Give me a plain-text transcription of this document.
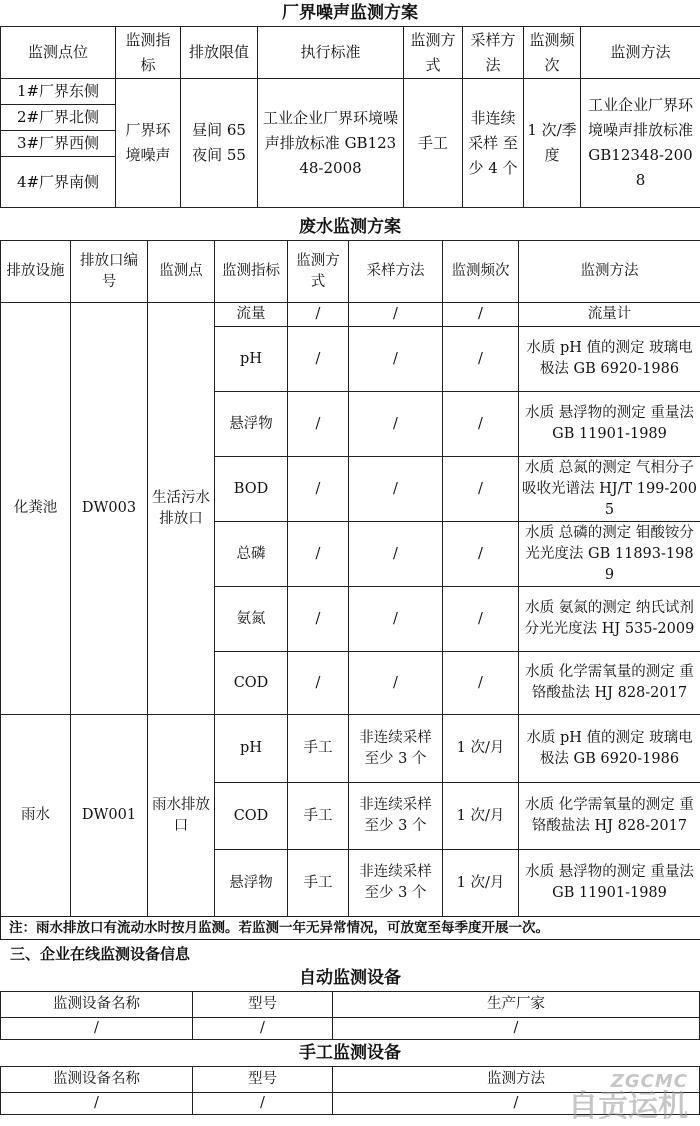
厂界噪声监测方案
监测点位	监测指标	排放限值	执行标准	监测方式	采样方法	监测频次	监测方法
1#厂界东侧	厂界环境噪声	昼间 65 夜间 55	工业企业厂界环境噪声排放标准 GB12348-2008	手工	非连续采样 至少 4 个	1 次/季度	工业企业厂界环境噪声排放标准GB12348-2008
2#厂界北侧							
3#厂界西侧							
4#厂界南侧							
废水监测方案
排放设施	排放口编号	监测点	监测指标	监测方式	采样方法	监测频次	监测方法
化粪池	DW003	生活污水排放口	流量	/	/	/	流量计
			pH	/	/	/	水质 pH 值的测定 玻璃电极法 GB 6920-1986
			悬浮物	/	/	/	水质 悬浮物的测定 重量法 GB 11901-1989
			BOD	/	/	/	水质 总氮的测定 气相分子吸收光谱法 HJ/T 199-2005
			总磷	/	/	/	水质 总磷的测定 钼酸铵分光光度法 GB 11893-1989
			氨氮	/	/	/	水质 氨氮的测定 纳氏试剂分光光度法 HJ 535-2009
			COD	/	/	/	水质 化学需氧量的测定 重铬酸盐法 HJ 828-2017
雨水	DW001	雨水排放口	pH	手工	非连续采样 至少 3 个	1 次/月	水质 pH 值的测定 玻璃电极法 GB 6920-1986
			COD	手工	非连续采样 至少 3 个	1 次/月	水质 化学需氧量的测定 重铬酸盐法 HJ 828-2017
			悬浮物	手工	非连续采样 至少 3 个	1 次/月	水质 悬浮物的测定 重量法 GB 11901-1989
注：雨水排放口有流动水时按月监测。若监测一年无异常情况，可放宽至每季度开展一次。							
三、企业在线监测设备信息
自动监测设备
监测设备名称	型号	生产厂家
/	/	/
手工监测设备
监测设备名称	型号	监测方法
/	/	/
ZGCMC
自贡运机
